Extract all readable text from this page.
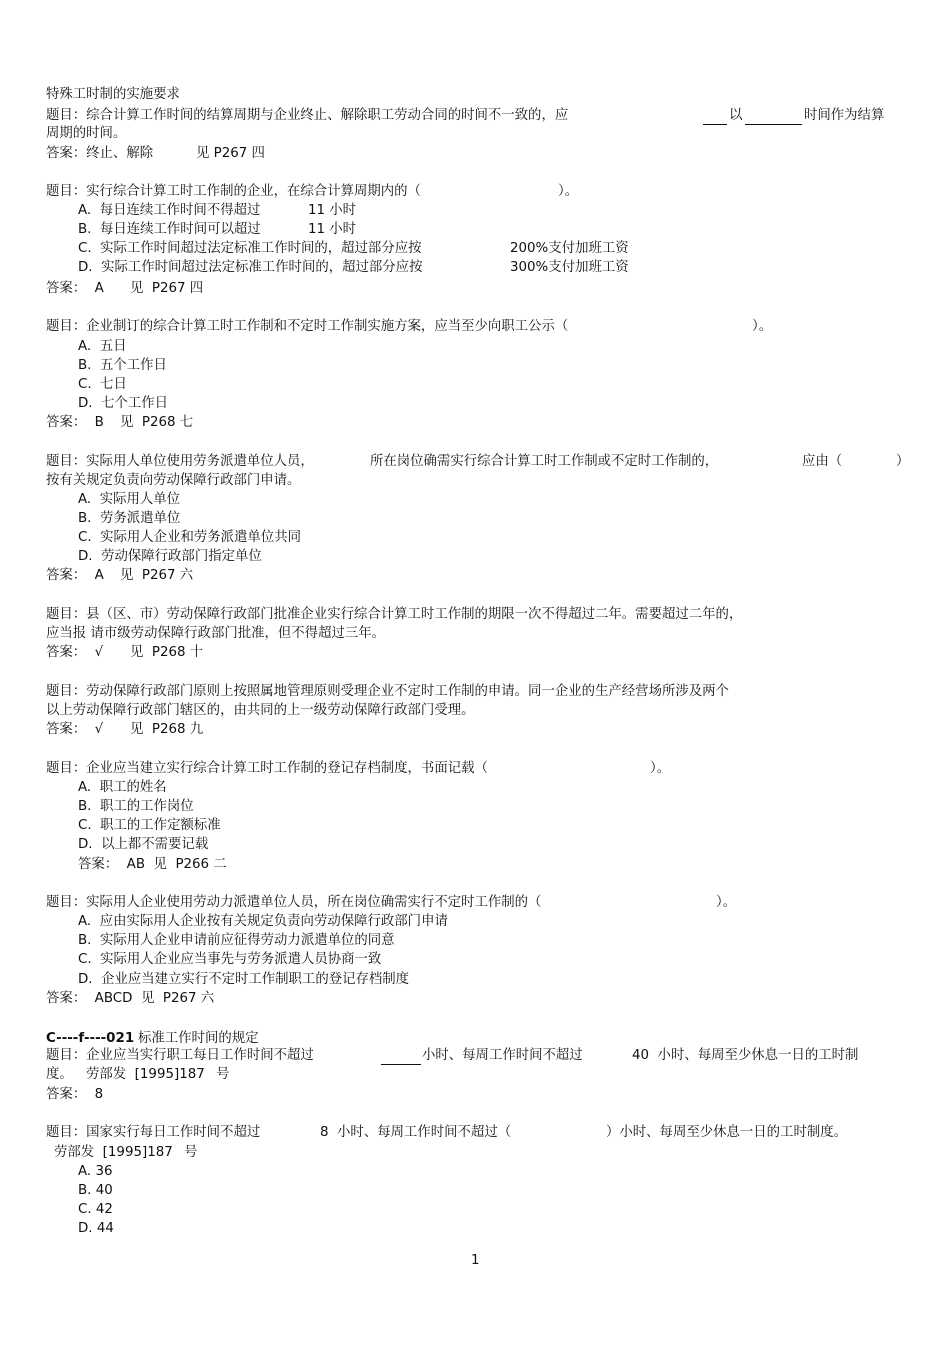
特殊工时制的实施要求
题目：综合计算工作时间的结算周期与企业终止、解除职工劳动合同的时间不一致的，应	以	时间作为结算
周期的时间。
答案：终止、解除	见 P267 四
题目：实行综合计算工时工作制的企业，在综合计算周期内的（	）。
A.  每日连续工作时间不得超过	11 小时
B.  每日连续工作时间可以超过	11 小时
C.  实际工作时间超过法定标准工作时间的，超过部分应按	200%支付加班工资
D.  实际工作时间超过法定标准工作时间的，超过部分应按	300%支付加班工资
答案：  A 见  P267 四
题目：企业制订的综合计算工时工作制和不定时工作制实施方案，应当至少向职工公示（	）。
A.  五日
B.  五个工作日
C.  七日
D.  七个工作日
答案：  B 见  P268 七
题目：实际用人单位使用劳务派遣单位人员，	所在岗位确需实行综合计算工时工作制或不定时工作制的，	应由（	）
按有关规定负责向劳动保障行政部门申请。
A.  实际用人单位
B.  劳务派遣单位
C.  实际用人企业和劳务派遣单位共同
D.  劳动保障行政部门指定单位
答案：  A 见  P267 六
题目：县（区、市）劳动保障行政部门批准企业实行综合计算工时工作制的期限一次不得超过二年。需要超过二年的，
应当报 请市级劳动保障行政部门批准，但不得超过三年。
答案：  √ 见  P268 十
题目：劳动保障行政部门原则上按照属地管理原则受理企业不定时工作制的申请。同一企业的生产经营场所涉及两个
以上劳动保障行政部门辖区的，由共同的上一级劳动保障行政部门受理。
答案：  √ 见  P268 九
题目：企业应当建立实行综合计算工时工作制的登记存档制度，书面记载（	）。
A.  职工的姓名
B.  职工的工作岗位
C.  职工的工作定额标准
D.  以上都不需要记载
答案：  AB  见  P266 二
题目：实际用人企业使用劳动力派遣单位人员，所在岗位确需实行不定时工作制的（	）。
A.  应由实际用人企业按有关规定负责向劳动保障行政部门申请
B.  实际用人企业申请前应征得劳动力派遣单位的同意
C.  实际用人企业应当事先与劳务派遣人员协商一致
D.  企业应当建立实行不定时工作制职工的登记存档制度
答案：  ABCD  见  P267 六
C----f----021 标准工作时间的规定
题目：企业应当实行职工每日工作时间不超过	小时、每周工作时间不超过	40  小时、每周至少休息一日的工时制
度。 劳部发  [1995]187 号
答案：  8
题目：国家实行每日工作时间不超过	8  小时、每周工作时间不超过（	）小时、每周至少休息一日的工时制度。
劳部发  [1995]187 号
A. 36
B. 40
C. 42
D. 44
1
